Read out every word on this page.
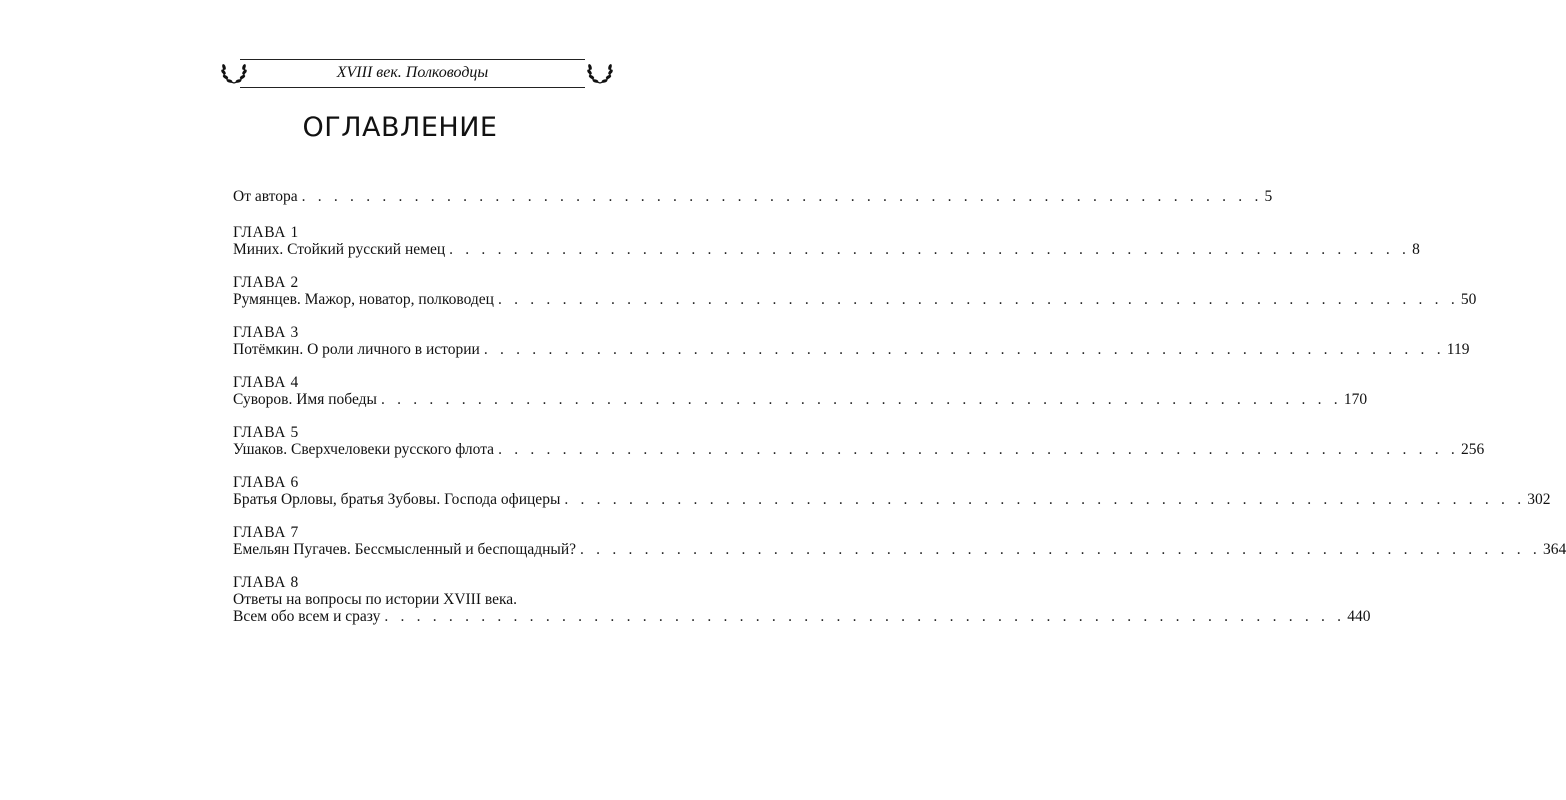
XVIII век. Полководцы
ОГЛАВЛЕНИЕ
От автора . . . . . . . . . . . . . . . . . . . . . . . . . . . . . . . . . . . . . . . . . . . . . . . . . . . . . . . . . . . . 5
ГЛАВА 1
Миних. Стойкий русский немец . . . . . . . . . . . . . . . . . . . . . . . . . . . . . . . . . . . . . . . . . . . . . . . . . . . . . . . . . . . . 8
ГЛАВА 2
Румянцев. Мажор, новатор, полководец . . . . . . . . . . . . . . . . . . . . . . . . . . . . . . . . . . . . . . . . . . . . . . . . . . . . . . . . . . . . 50
ГЛАВА 3
Потёмкин. О роли личного в истории . . . . . . . . . . . . . . . . . . . . . . . . . . . . . . . . . . . . . . . . . . . . . . . . . . . . . . . . . . . . 119
ГЛАВА 4
Суворов. Имя победы . . . . . . . . . . . . . . . . . . . . . . . . . . . . . . . . . . . . . . . . . . . . . . . . . . . . . . . . . . . . 170
ГЛАВА 5
Ушаков. Сверхчеловеки русского флота . . . . . . . . . . . . . . . . . . . . . . . . . . . . . . . . . . . . . . . . . . . . . . . . . . . . . . . . . . . . 256
ГЛАВА 6
Братья Орловы, братья Зубовы. Господа офицеры . . . . . . . . . . . . . . . . . . . . . . . . . . . . . . . . . . . . . . . . . . . . . . . . . . . . . . . . . . . . 302
ГЛАВА 7
Емельян Пугачев. Бессмысленный и беспощадный? . . . . . . . . . . . . . . . . . . . . . . . . . . . . . . . . . . . . . . . . . . . . . . . . . . . . . . . . . . . . 364
ГЛАВА 8
Ответы на вопросы по истории XVIII века.
Всем обо всем и сразу . . . . . . . . . . . . . . . . . . . . . . . . . . . . . . . . . . . . . . . . . . . . . . . . . . . . . . . . . . . . 440
